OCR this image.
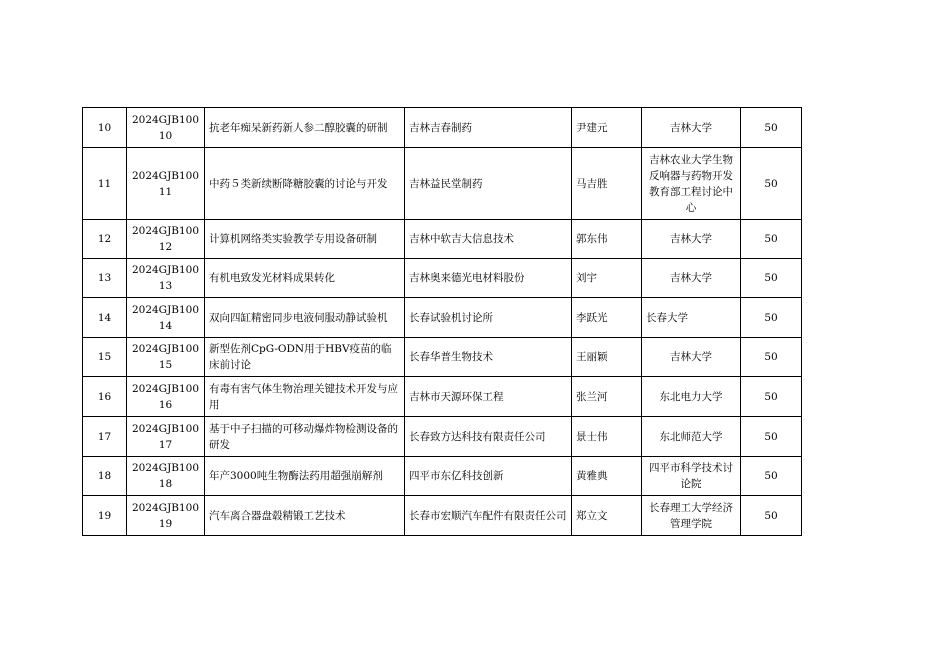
10	2024GJB10010	抗老年痴呆新药新人参二醇胶囊的研制	吉林吉春制药	尹建元	吉林大学	50
11	2024GJB10011	中药５类新续断降糖胶囊的讨论与开发	吉林益民堂制药	马吉胜	吉林农业大学生物反响器与药物开发教育部工程讨论中心	50
12	2024GJB10012	计算机网络类实验教学专用设备研制	吉林中软吉大信息技术	郭东伟	吉林大学	50
13	2024GJB10013	有机电致发光材料成果转化	吉林奥来德光电材料股份	刘宇	吉林大学	50
14	2024GJB10014	双向四缸精密同步电液伺服动静试验机	长春试验机讨论所	李跃光	长春大学	50
15	2024GJB10015	新型佐剂CpG-ODN用于HBV疫苗的临床前讨论	长春华普生物技术	王丽颖	吉林大学	50
16	2024GJB10016	有毒有害气体生物治理关键技术开发与应用	吉林市天源环保工程	张兰河	东北电力大学	50
17	2024GJB10017	基于中子扫描的可移动爆炸物检测设备的研发	长春致方达科技有限责任公司	景士伟	东北师范大学	50
18	2024GJB10018	年产3000吨生物酶法药用超强崩解剂	四平市东亿科技创新	黄雅典	四平市科学技术讨论院	50
19	2024GJB10019	汽车离合器盘毂精锻工艺技术	长春市宏顺汽车配件有限责任公司	郑立文	长春理工大学经济管理学院	50
